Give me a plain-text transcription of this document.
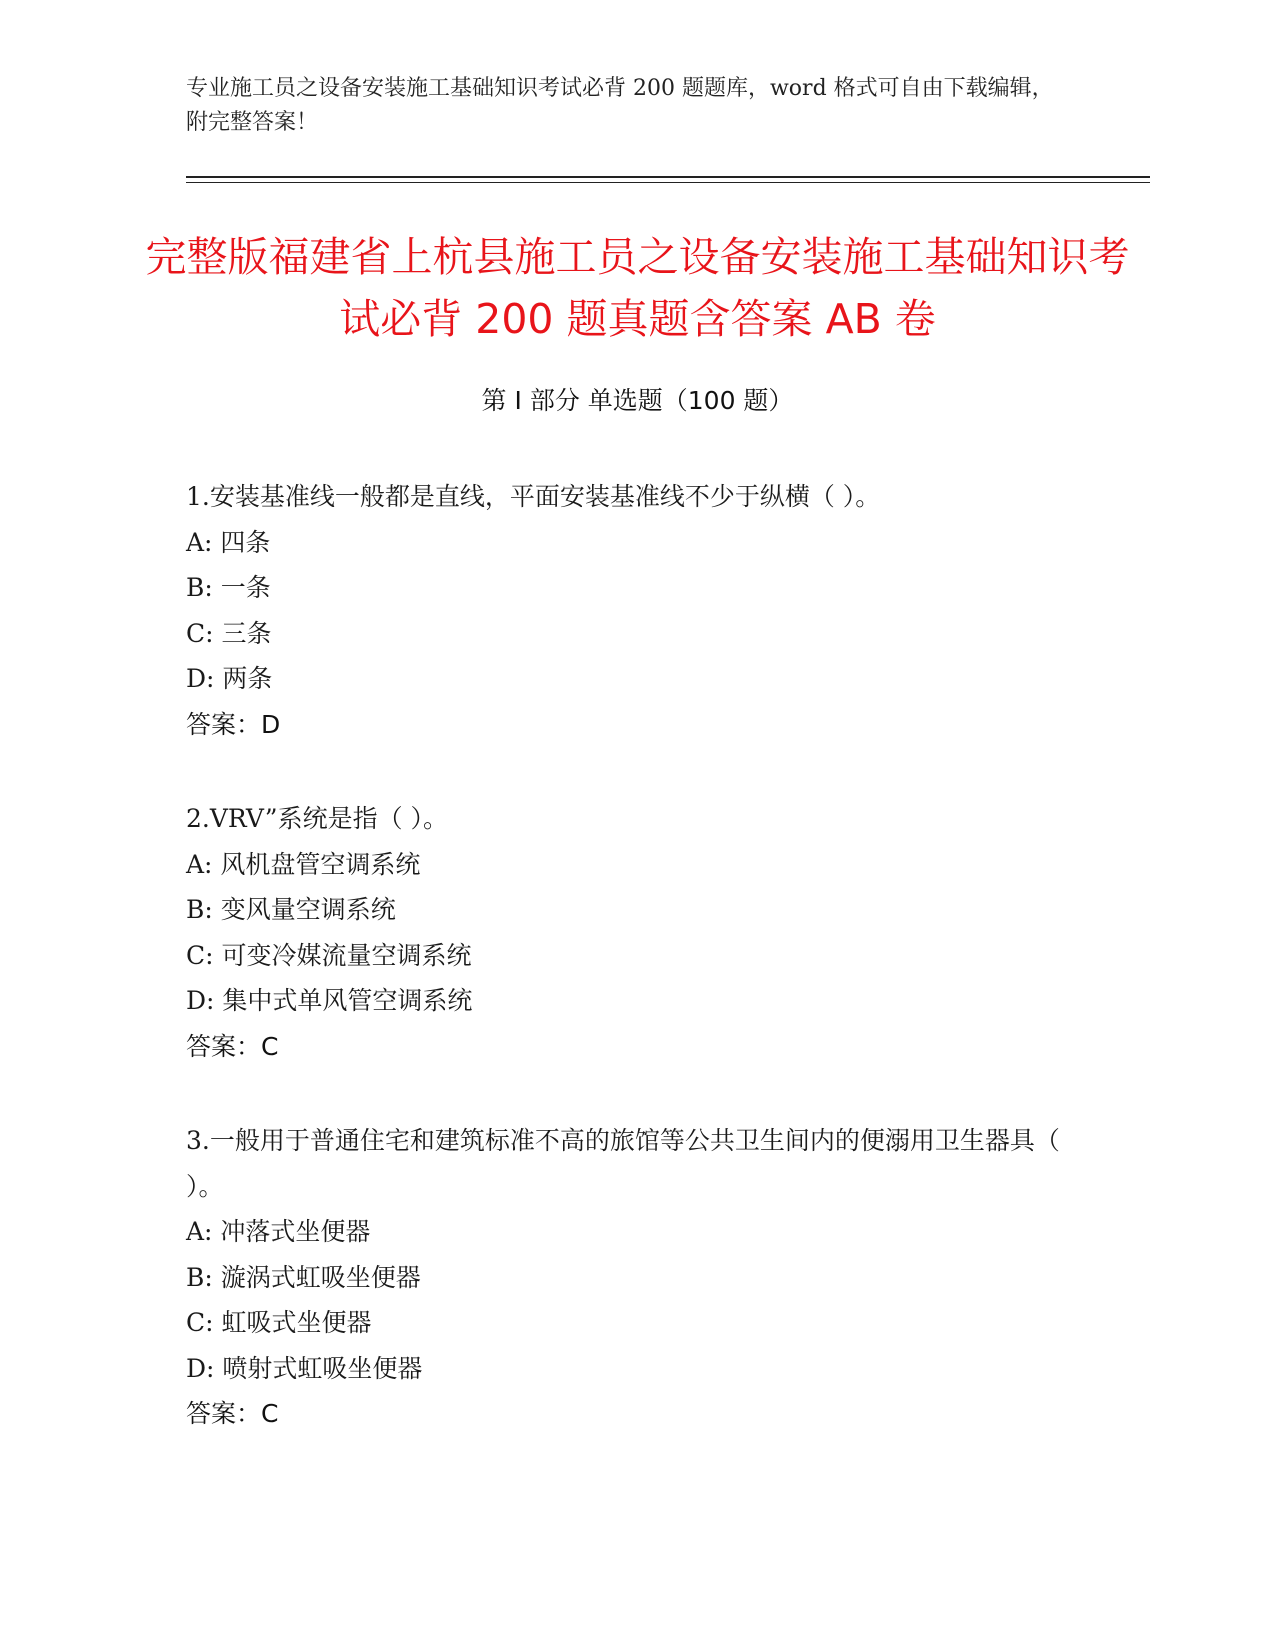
专业施工员之设备安装施工基础知识考试必背 200 题题库，word 格式可自由下载编辑，附完整答案！
完整版福建省上杭县施工员之设备安装施工基础知识考试必背 200 题真题含答案 AB 卷
第 I 部分 单选题（100 题）
1.安装基准线一般都是直线，平面安装基准线不少于纵横（ ）。
A: 四条
B: 一条
C: 三条
D: 两条
答案：D
2.VRV”系统是指（ ）。
A: 风机盘管空调系统
B: 变风量空调系统
C: 可变冷媒流量空调系统
D: 集中式单风管空调系统
答案：C
3.一般用于普通住宅和建筑标准不高的旅馆等公共卫生间内的便溺用卫生器具（ ）。
A: 冲落式坐便器
B: 漩涡式虹吸坐便器
C: 虹吸式坐便器
D: 喷射式虹吸坐便器
答案：C
